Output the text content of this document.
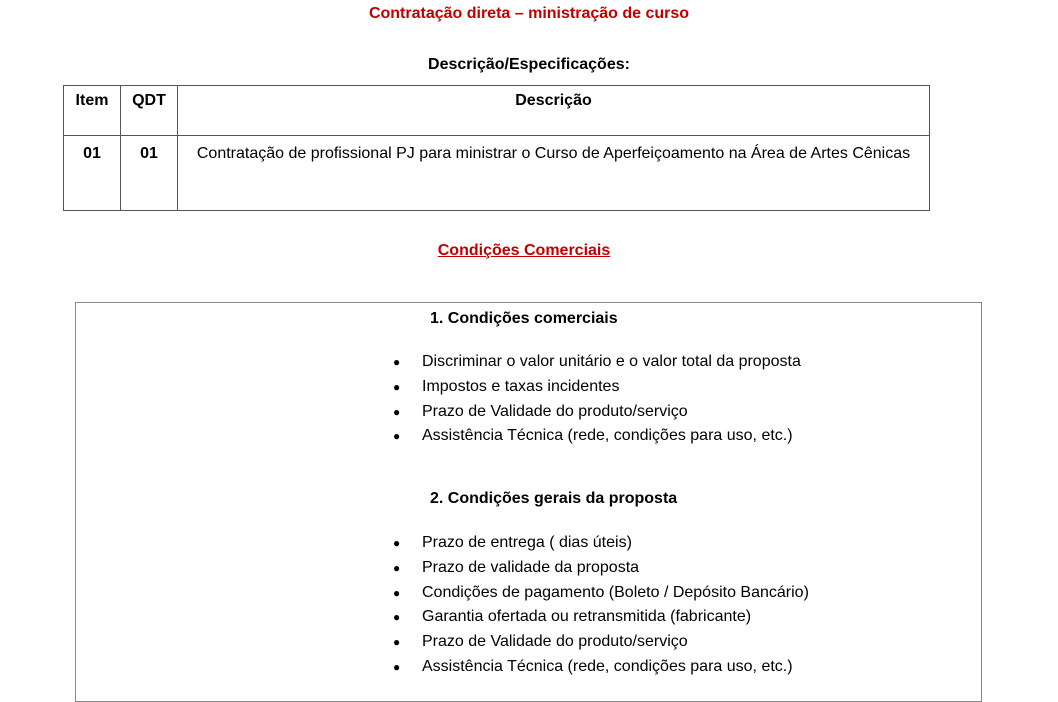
Contratação direta – ministração de curso
Descrição/Especificações:
Item	QDT	Descrição
01	01	Contratação de profissional PJ para ministrar o Curso de Aperfeiçoamento na Área de Artes Cênicas
Condições Comerciais
1. Condições comerciais
● Discriminar o valor unitário e o valor total da proposta
● Impostos e taxas incidentes
● Prazo de Validade do produto/serviço
● Assistência Técnica (rede, condições para uso, etc.)
2. Condições gerais da proposta
● Prazo de entrega ( dias úteis)
● Prazo de validade da proposta
● Condições de pagamento (Boleto / Depósito Bancário)
● Garantia ofertada ou retransmitida (fabricante)
● Prazo de Validade do produto/serviço
● Assistência Técnica (rede, condições para uso, etc.)
